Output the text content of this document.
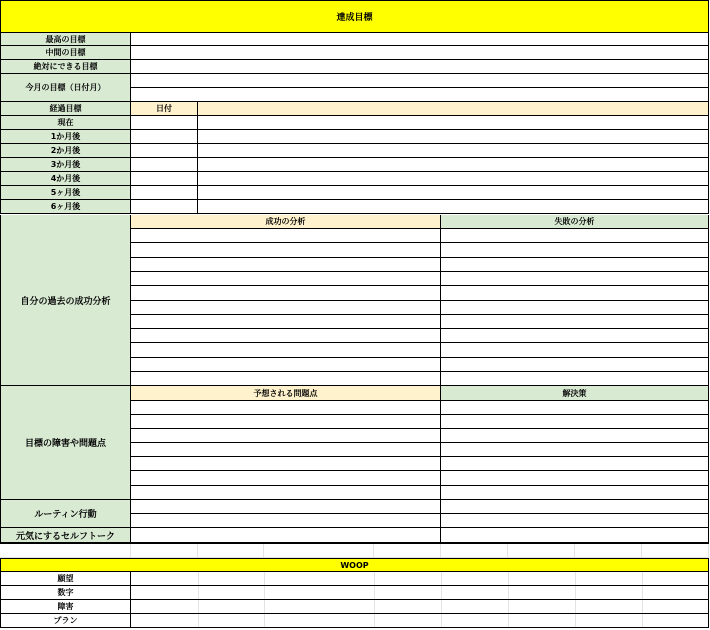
達成目標
最高の目標
中間の目標
絶対にできる目標
今月の目標（日付月）
経過目標	日付
現在
1か月後
2か月後
3か月後
4か月後
5ヶ月後
6ヶ月後
自分の過去の成功分析
成功の分析	失敗の分析
目標の障害や問題点
予想される問題点	解決策
ルーティン行動
元気にするセルフトーク
WOOP
願望
数字
障害
プラン
